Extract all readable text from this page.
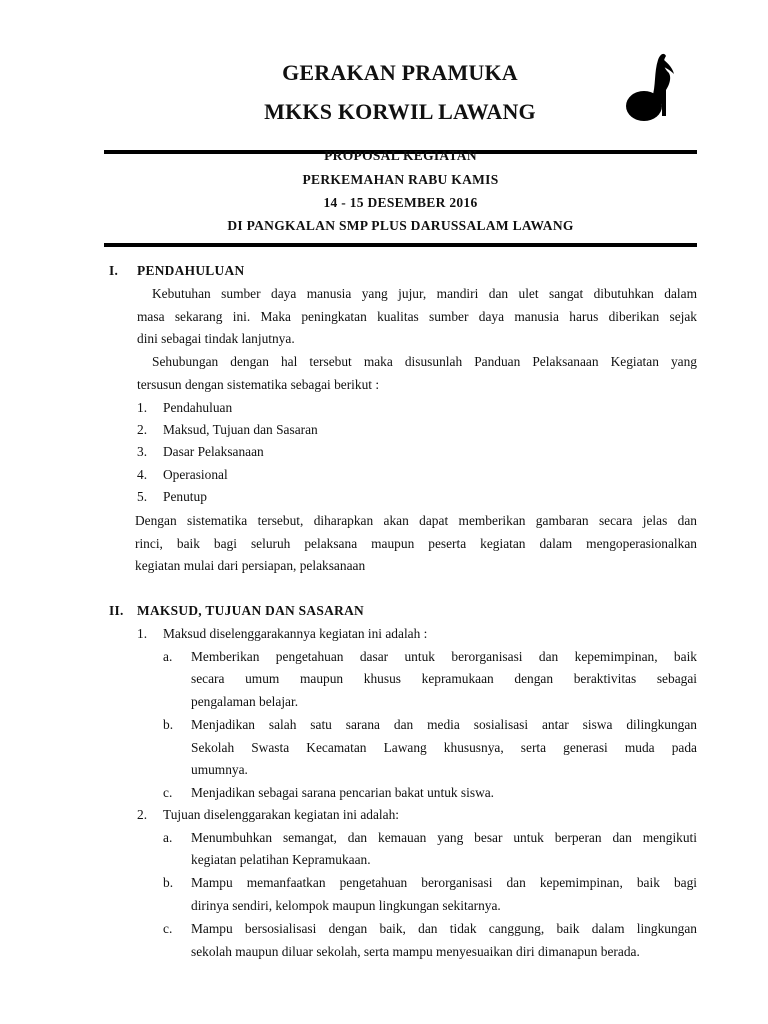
GERAKAN PRAMUKA
MKKS KORWIL LAWANG
PROPOSAL KEGIATAN
PERKEMAHAN RABU KAMIS
14 - 15 DESEMBER 2016
DI PANGKALAN SMP PLUS DARUSSALAM LAWANG
I. PENDAHULUAN
Kebutuhan sumber daya manusia yang jujur, mandiri dan ulet sangat dibutuhkan dalam
masa sekarang ini. Maka peningkatan kualitas sumber daya manusia harus diberikan sejak
dini sebagai tindak lanjutnya.
Sehubungan dengan hal tersebut maka disusunlah Panduan Pelaksanaan Kegiatan yang
tersusun dengan sistematika sebagai berikut :
1. Pendahuluan
2. Maksud, Tujuan dan Sasaran
3. Dasar Pelaksanaan
4. Operasional
5. Penutup
Dengan sistematika tersebut, diharapkan akan dapat memberikan gambaran secara jelas dan
rinci, baik bagi seluruh pelaksana maupun peserta kegiatan dalam mengoperasionalkan
kegiatan mulai dari persiapan, pelaksanaan
II. MAKSUD, TUJUAN DAN SASARAN
1. Maksud diselenggarakannya kegiatan ini adalah :
a. Memberikan pengetahuan dasar untuk berorganisasi dan kepemimpinan, baik
secara umum maupun khusus kepramukaan dengan beraktivitas sebagai
pengalaman belajar.
b. Menjadikan salah satu sarana dan media sosialisasi antar siswa dilingkungan
Sekolah Swasta Kecamatan Lawang khususnya, serta generasi muda pada
umumnya.
c. Menjadikan sebagai sarana pencarian bakat untuk siswa.
2. Tujuan diselenggarakan kegiatan ini adalah:
a. Menumbuhkan semangat, dan kemauan yang besar untuk berperan dan mengikuti
kegiatan pelatihan Kepramukaan.
b. Mampu memanfaatkan pengetahuan berorganisasi dan kepemimpinan, baik bagi
dirinya sendiri, kelompok maupun lingkungan sekitarnya.
c. Mampu bersosialisasi dengan baik, dan tidak canggung, baik dalam lingkungan
sekolah maupun diluar sekolah, serta mampu menyesuaikan diri dimanapun berada.
